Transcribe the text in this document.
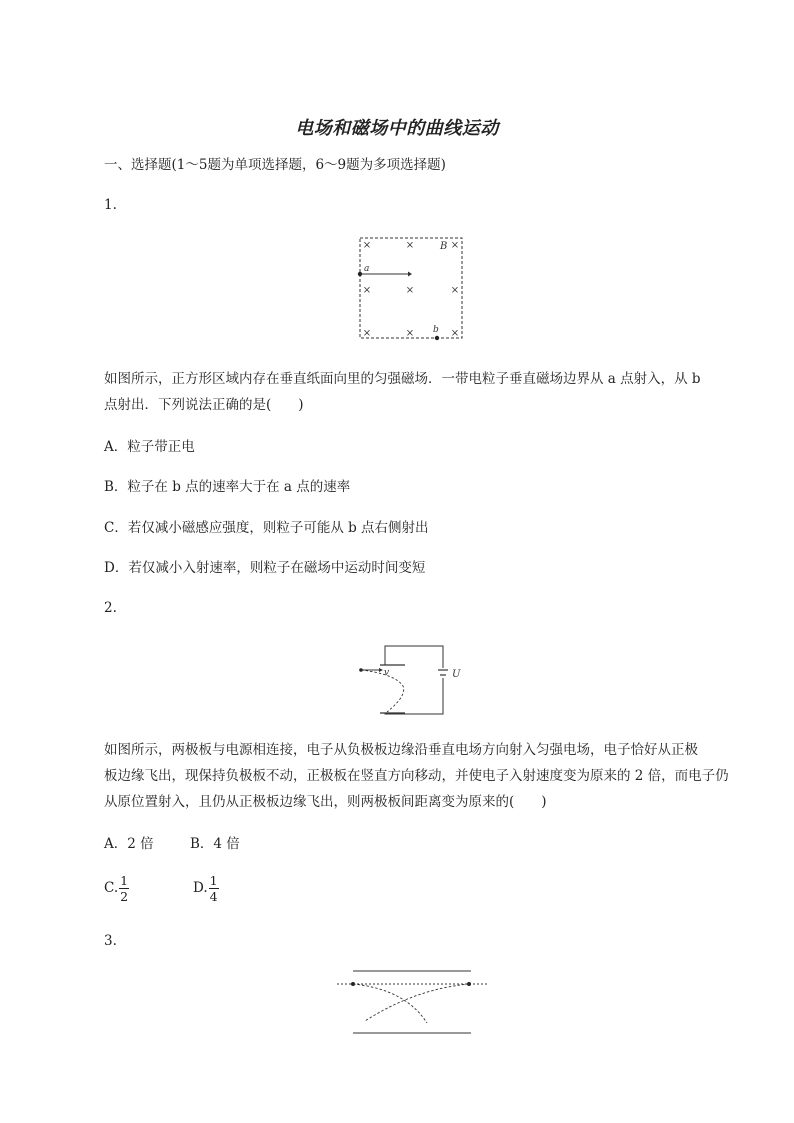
电场和磁场中的曲线运动
一、选择题(1～5题为单项选择题，6～9题为多项选择题)
1.
×	×	×
×	×	×
×	×	×
B
a
b
如图所示，正方形区域内存在垂直纸面向里的匀强磁场．一带电粒子垂直磁场边界从 a 点射入，从 b
点射出．下列说法正确的是(　　)
A．粒子带正电
B．粒子在 b 点的速率大于在 a 点的速率
C．若仅减小磁感应强度，则粒子可能从 b 点右侧射出
D．若仅减小入射速率，则粒子在磁场中运动时间变短
2.
U
v
如图所示，两极板与电源相连接，电子从负极板边缘沿垂直电场方向射入匀强电场，电子恰好从正极
板边缘飞出，现保持负极板不动，正极板在竖直方向移动，并使电子入射速度变为原来的 2 倍，而电子仍
从原位置射入，且仍从正极板边缘飞出，则两极板间距离变为原来的(　　)
A．2 倍	B．4 倍
C. $\frac{1}{2}$	D. $\frac{1}{4}$
3.
